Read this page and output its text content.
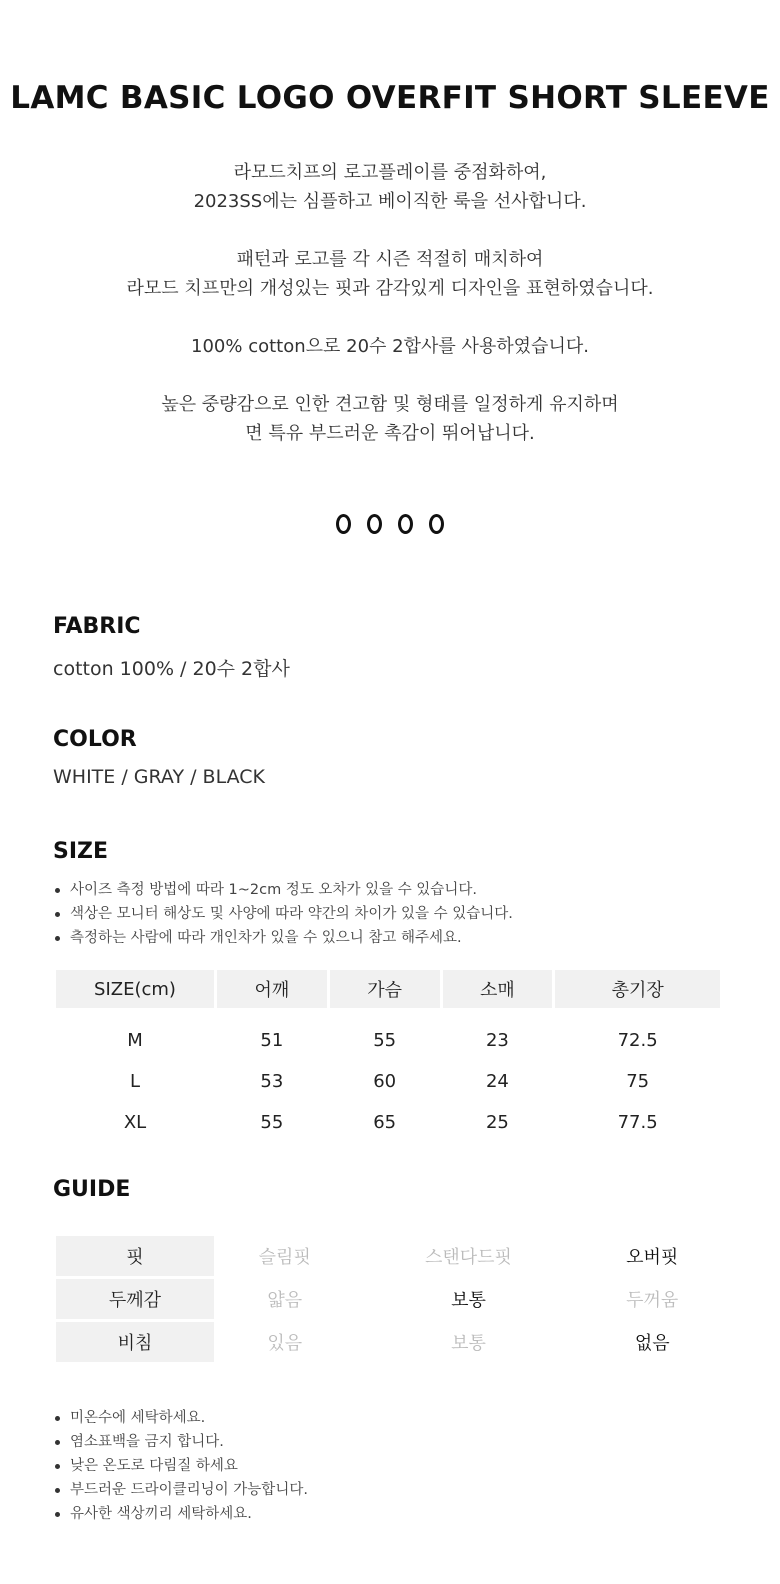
LAMC BASIC LOGO OVERFIT SHORT SLEEVE

라모드치프의 로고플레이를 중점화하여,
2023SS에는 심플하고 베이직한 룩을 선사합니다.

패턴과 로고를 각 시즌 적절히 매치하여
라모드 치프만의 개성있는 핏과 감각있게 디자인을 표현하였습니다.

100% cotton으로 20수 2합사를 사용하였습니다.

높은 중량감으로 인한 견고함 및 형태를 일정하게 유지하며
면 특유 부드러운 촉감이 뛰어납니다.

FABRIC
cotton 100% / 20수 2합사
COLOR
WHITE / GRAY / BLACK
SIZE
사이즈 측정 방법에 따라 1~2cm 정도 오차가 있을 수 있습니다.
색상은 모니터 해상도 및 사양에 따라 약간의 차이가 있을 수 있습니다.
측정하는 사람에 따라 개인차가 있을 수 있으니 참고 해주세요.
SIZE(cm)	어깨	가슴	소매	총기장
M	51	55	23	72.5
L	53	60	24	75
XL	55	65	25	77.5
GUIDE
핏	슬림핏	스탠다드핏	오버핏
두께감	얇음	보통	두꺼움
비침	있음	보통	없음
미온수에 세탁하세요.
염소표백을 금지 합니다.
낮은 온도로 다림질 하세요
부드러운 드라이클리닝이 가능합니다.
유사한 색상끼리 세탁하세요.
